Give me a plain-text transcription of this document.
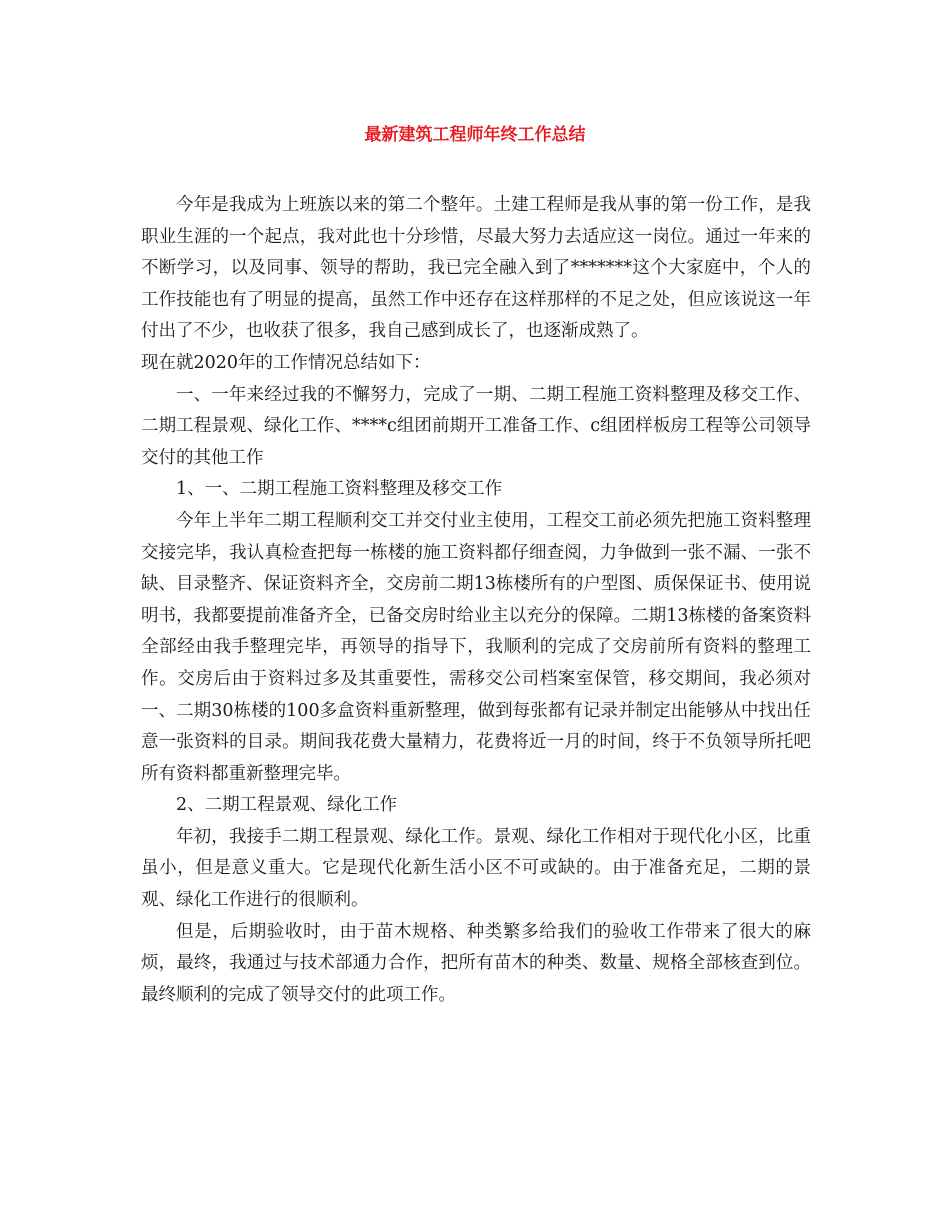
最新建筑工程师年终工作总结

今年是我成为上班族以来的第二个整年。土建工程师是我从事的第一份工作，是我职业生涯的一个起点，我对此也十分珍惜，尽最大努力去适应这一岗位。通过一年来的不断学习，以及同事、领导的帮助，我已完全融入到了*******这个大家庭中，个人的工作技能也有了明显的提高，虽然工作中还存在这样那样的不足之处，但应该说这一年付出了不少，也收获了很多，我自己感到成长了，也逐渐成熟了。

现在就2020年的工作情况总结如下：

一、一年来经过我的不懈努力，完成了一期、二期工程施工资料整理及移交工作、二期工程景观、绿化工作、****c组团前期开工准备工作、c组团样板房工程等公司领导交付的其他工作

1、一、二期工程施工资料整理及移交工作

今年上半年二期工程顺利交工并交付业主使用，工程交工前必须先把施工资料整理交接完毕，我认真检查把每一栋楼的施工资料都仔细查阅，力争做到一张不漏、一张不缺、目录整齐、保证资料齐全，交房前二期13栋楼所有的户型图、质保保证书、使用说明书，我都要提前准备齐全，已备交房时给业主以充分的保障。二期13栋楼的备案资料全部经由我手整理完毕，再领导的指导下，我顺利的完成了交房前所有资料的整理工作。交房后由于资料过多及其重要性，需移交公司档案室保管，移交期间，我必须对一、二期30栋楼的100多盒资料重新整理，做到每张都有记录并制定出能够从中找出任意一张资料的目录。期间我花费大量精力，花费将近一月的时间，终于不负领导所托吧所有资料都重新整理完毕。

2、二期工程景观、绿化工作

年初，我接手二期工程景观、绿化工作。景观、绿化工作相对于现代化小区，比重虽小，但是意义重大。它是现代化新生活小区不可或缺的。由于准备充足，二期的景观、绿化工作进行的很顺利。

但是，后期验收时，由于苗木规格、种类繁多给我们的验收工作带来了很大的麻烦，最终，我通过与技术部通力合作，把所有苗木的种类、数量、规格全部核查到位。最终顺利的完成了领导交付的此项工作。
